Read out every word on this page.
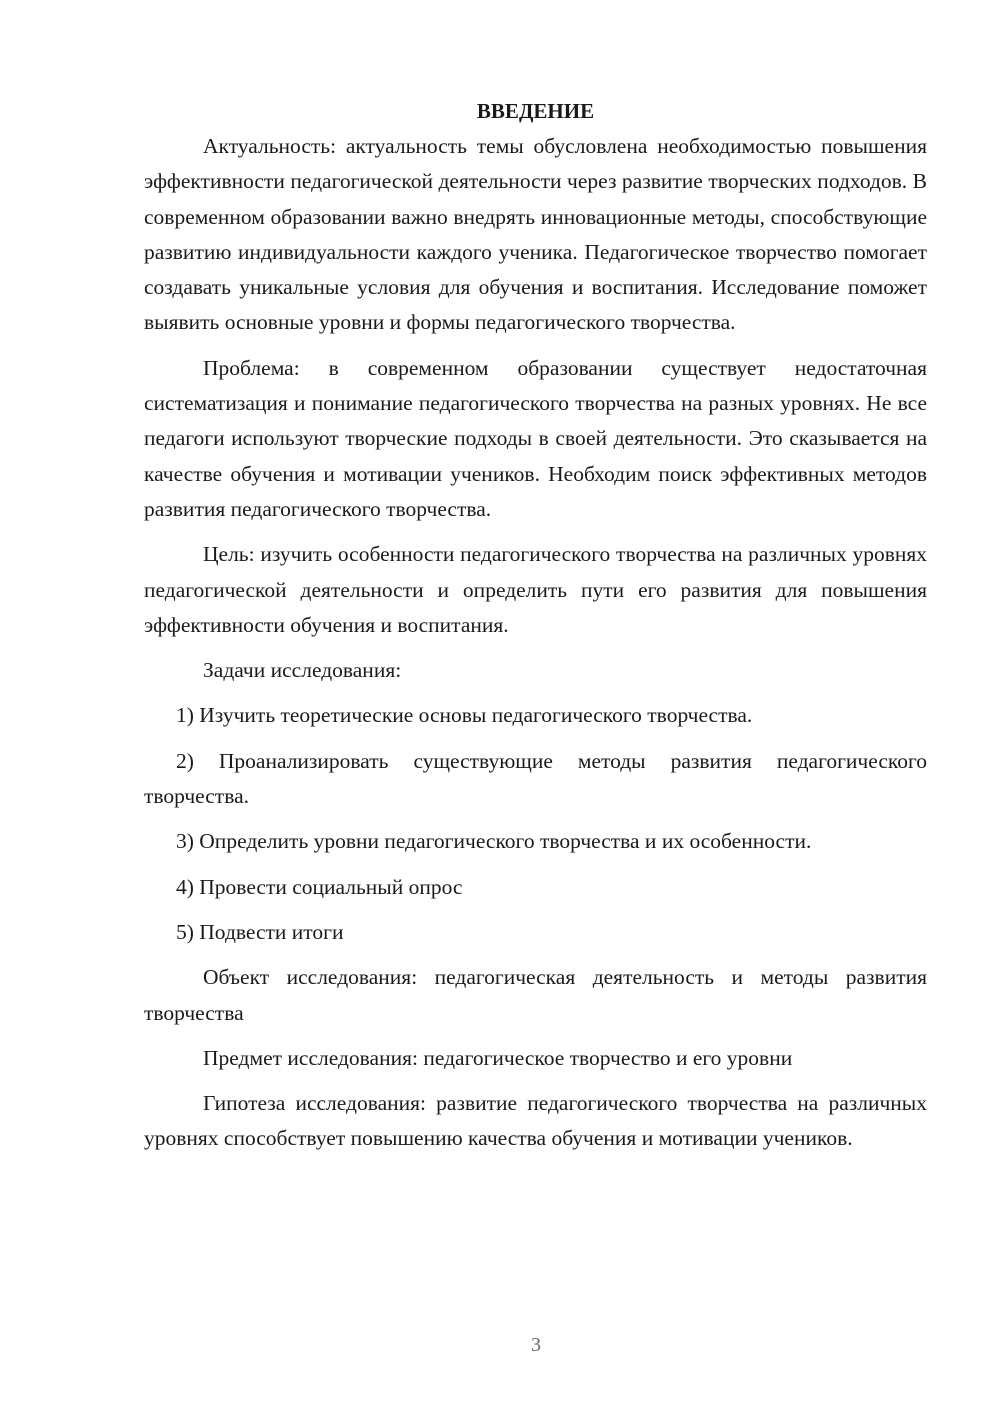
ВВЕДЕНИЕ

Актуальность: актуальность темы обусловлена необходимостью повышения эффективности педагогической деятельности через развитие творческих подходов. В современном образовании важно внедрять инновационные методы, способствующие развитию индивидуальности каждого ученика. Педагогическое творчество помогает создавать уникальные условия для обучения и воспитания. Исследование поможет выявить основные уровни и формы педагогического творчества.

Проблема: в современном образовании существует недостаточная систематизация и понимание педагогического творчества на разных уровнях. Не все педагоги используют творческие подходы в своей деятельности. Это сказывается на качестве обучения и мотивации учеников. Необходим поиск эффективных методов развития педагогического творчества.

Цель: изучить особенности педагогического творчества на различных уровнях педагогической деятельности и определить пути его развития для повышения эффективности обучения и воспитания.

Задачи исследования:

1) Изучить теоретические основы педагогического творчества.

2) Проанализировать существующие методы развития педагогического творчества.

3) Определить уровни педагогического творчества и их особенности.

4) Провести социальный опрос

5) Подвести итоги

Объект исследования: педагогическая деятельность и методы развития творчества

Предмет исследования: педагогическое творчество и его уровни

Гипотеза исследования: развитие педагогического творчества на различных уровнях способствует повышению качества обучения и мотивации учеников.

3
